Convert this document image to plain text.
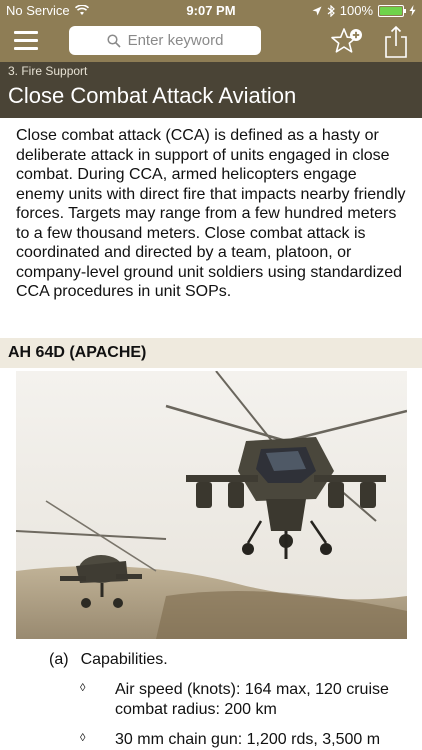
No Service	9:07 PM	100%
Enter keyword
3. Fire Support
Close Combat Attack Aviation
Close combat attack (CCA) is defined as a hasty or deliberate attack in support of units engaged in close combat. During CCA, armed helicopters engage enemy units with direct fire that impacts nearby friendly forces. Targets may range from a few hundred meters to a few thousand meters. Close combat attack is coordinated and directed by a team, platoon, or company-level ground unit soldiers using standardized CCA procedures in unit SOPs.
AH 64D (APACHE)
(a) Capabilities.
◊ Air speed (knots): 164 max, 120 cruise combat radius: 200 km
◊ 30 mm chain gun: 1,200 rds, 3,500 m
